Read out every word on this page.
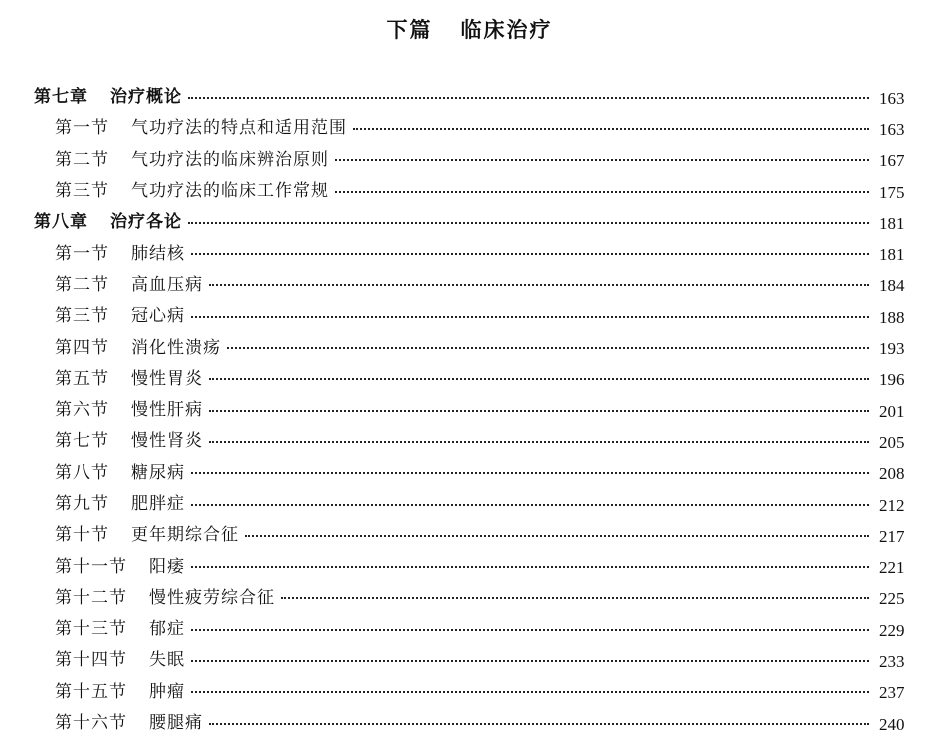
下篇 临床治疗
第七章 治疗概论	163
第一节 气功疗法的特点和适用范围	163
第二节 气功疗法的临床辨治原则	167
第三节 气功疗法的临床工作常规	175
第八章 治疗各论	181
第一节 肺结核	181
第二节 高血压病	184
第三节 冠心病	188
第四节 消化性溃疡	193
第五节 慢性胃炎	196
第六节 慢性肝病	201
第七节 慢性肾炎	205
第八节 糖尿病	208
第九节 肥胖症	212
第十节 更年期综合征	217
第十一节 阳痿	221
第十二节 慢性疲劳综合征	225
第十三节 郁症	229
第十四节 失眠	233
第十五节 肿瘤	237
第十六节 腰腿痛	240
